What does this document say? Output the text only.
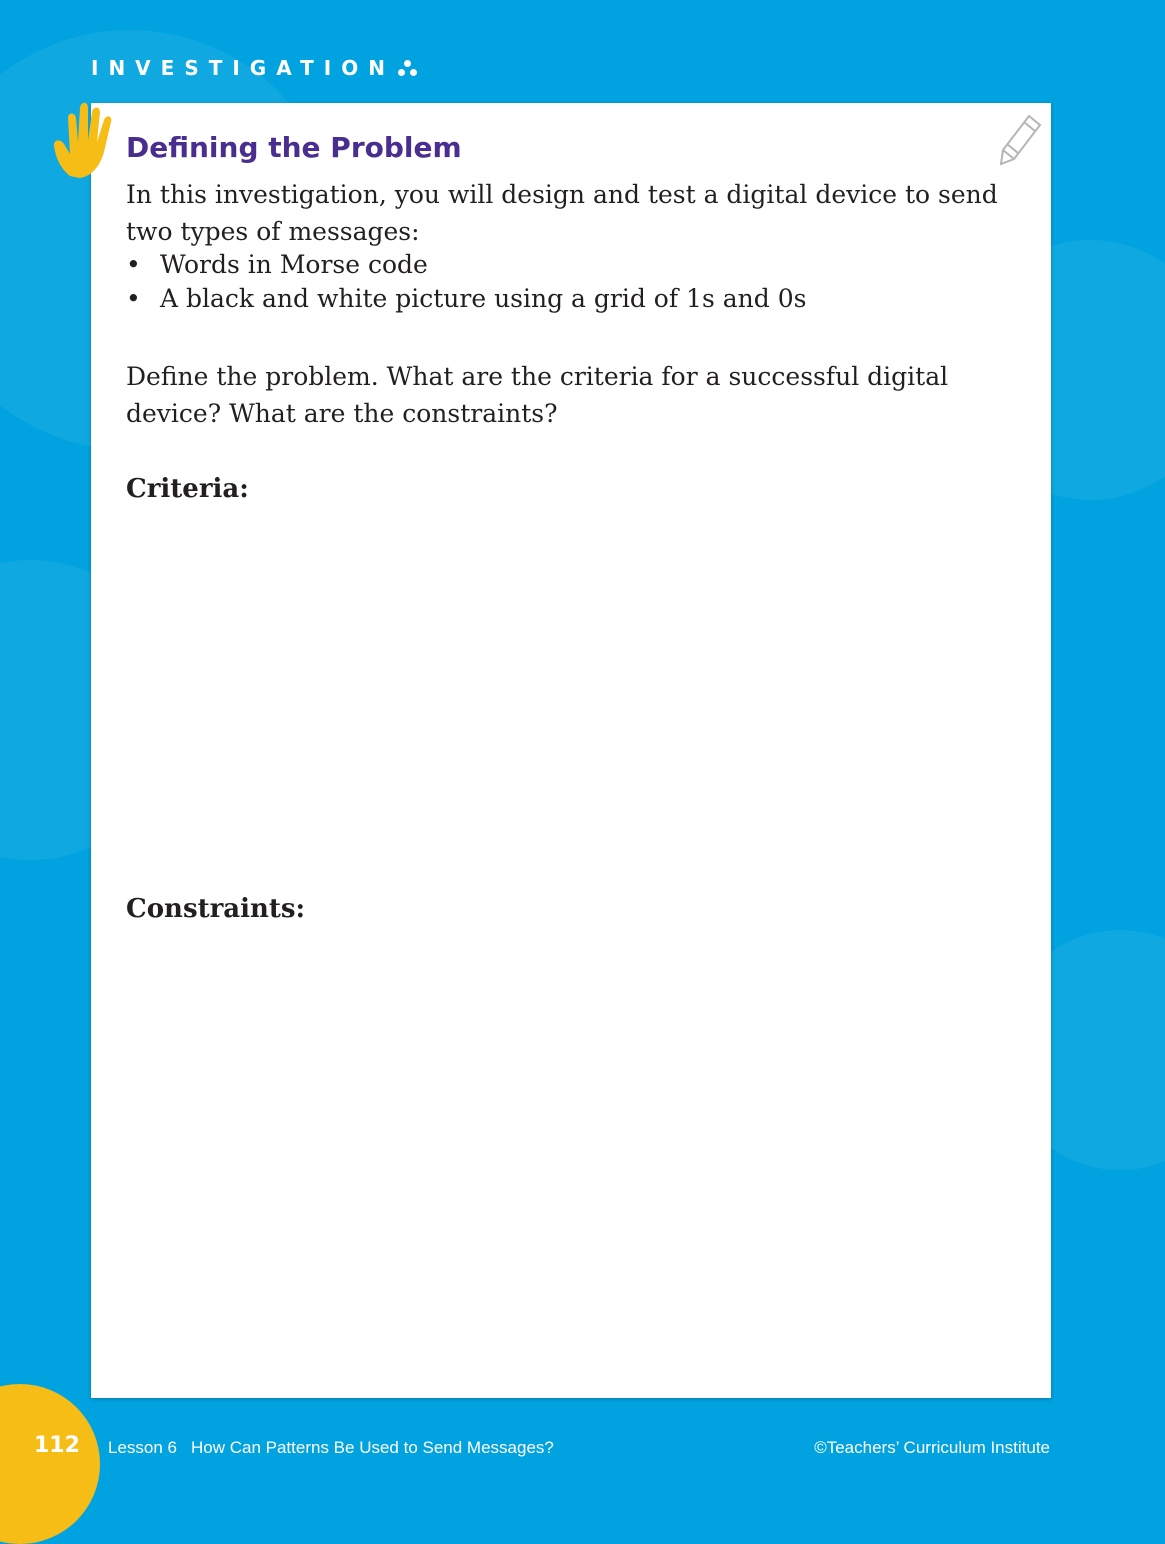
INVESTIGATION
Defining the Problem
In this investigation, you will design and test a digital device to send
two types of messages:
• Words in Morse code
• A black and white picture using a grid of 1s and 0s
Define the problem. What are the criteria for a successful digital
device? What are the constraints?
Criteria:
Constraints:
112 Lesson 6 How Can Patterns Be Used to Send Messages?	©Teachers’ Curriculum Institute
